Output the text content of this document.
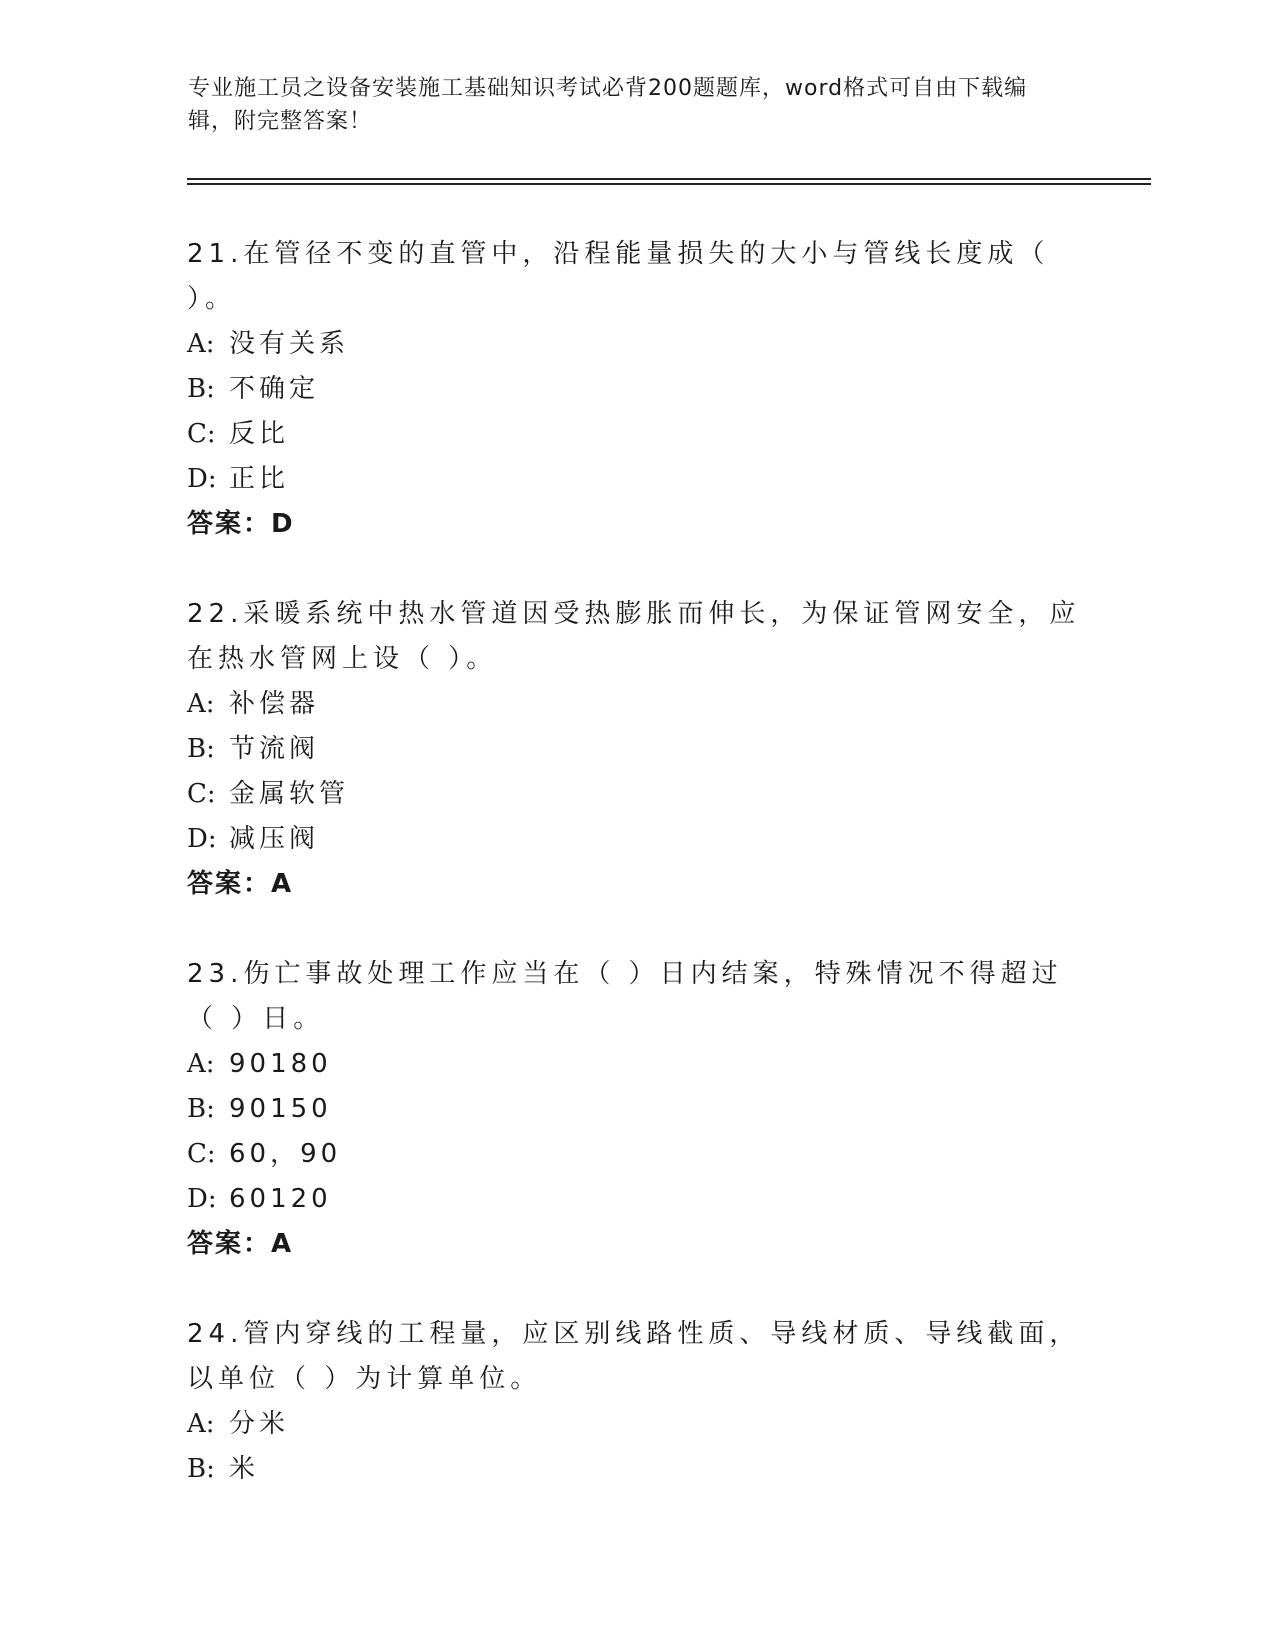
专业施工员之设备安装施工基础知识考试必背200题题库，word格式可自由下载编辑，附完整答案！
21.在管径不变的直管中，沿程能量损失的大小与管线长度成（ ）。
A: 没有关系
B: 不确定
C: 反比
D: 正比
答案：D
22.采暖系统中热水管道因受热膨胀而伸长，为保证管网安全，应在热水管网上设（ ）。
A: 补偿器
B: 节流阀
C: 金属软管
D: 减压阀
答案：A
23.伤亡事故处理工作应当在（ ）日内结案，特殊情况不得超过（ ）日。
A: 90180
B: 90150
C: 60，90
D: 60120
答案：A
24.管内穿线的工程量，应区别线路性质、导线材质、导线截面，以单位（ ）为计算单位。
A: 分米
B: 米
